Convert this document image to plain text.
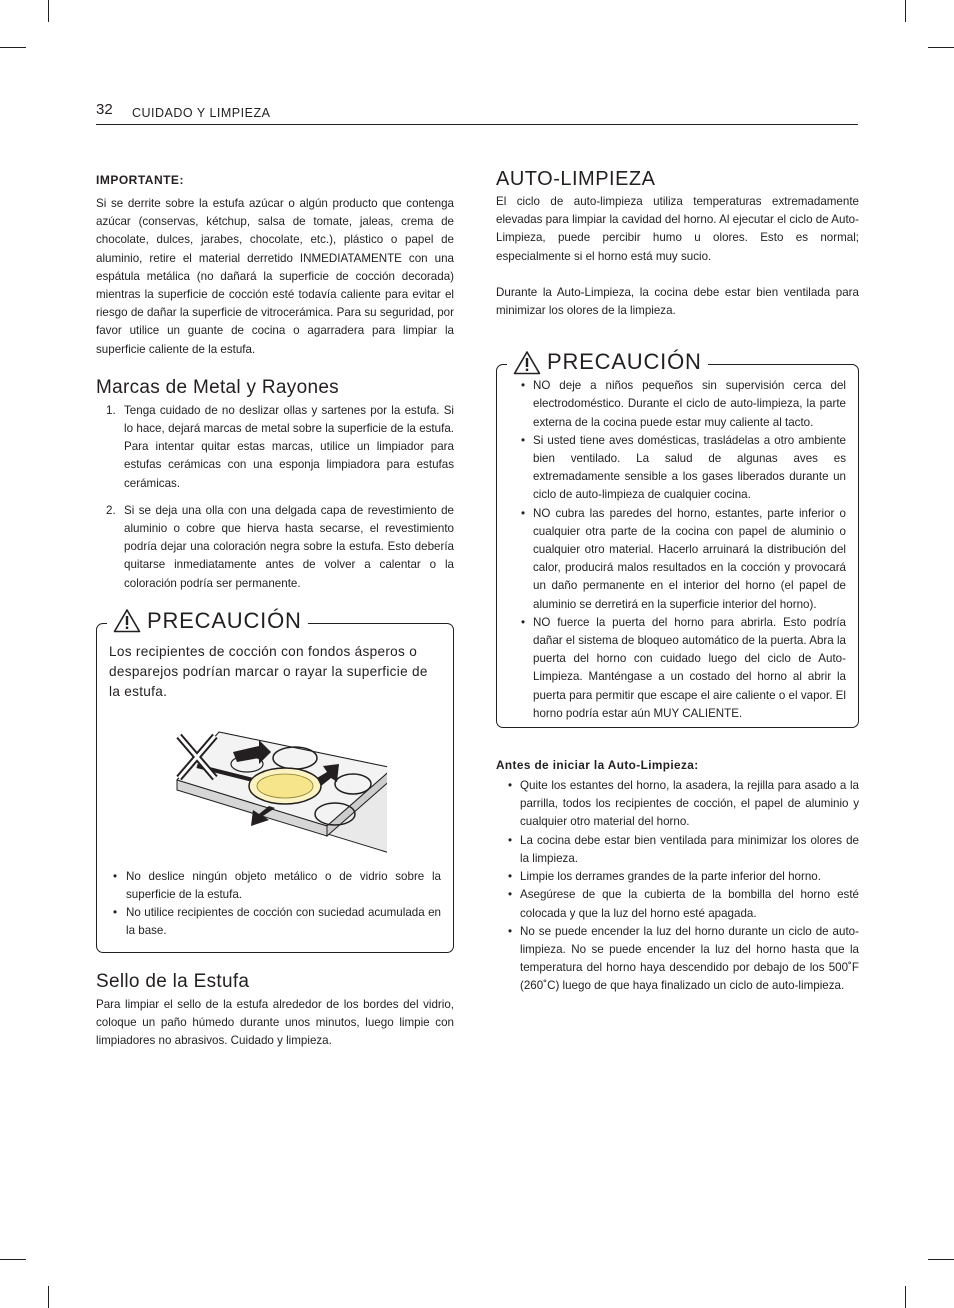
32 CUIDADO Y LIMPIEZA
IMPORTANTE:

Si se derrite sobre la estufa azúcar o algún producto que contenga azúcar (conservas, kétchup, salsa de tomate, jaleas, crema de chocolate, dulces, jarabes, chocolate, etc.), plástico o papel de aluminio, retire el material derretido INMEDIATAMENTE con una espátula metálica (no dañará la superficie de cocción decorada) mientras la superficie de cocción esté todavía caliente para evitar el riesgo de dañar la superficie de vitrocerámica. Para su seguridad, por favor utilice un guante de cocina o agarradera para limpiar la superficie caliente de la estufa.

Marcas de Metal y Rayones
1. Tenga cuidado de no deslizar ollas y sartenes por la estufa. Si lo hace, dejará marcas de metal sobre la superficie de la estufa. Para intentar quitar estas marcas, utilice un limpiador para estufas cerámicas con una esponja limpiadora para estufas cerámicas.
2. Si se deja una olla con una delgada capa de revestimiento de aluminio o cobre que hierva hasta secarse, el revestimiento podría dejar una coloración negra sobre la estufa. Esto debería quitarse inmediatamente antes de volver a calentar o la coloración podría ser permanente.
PRECAUCIÓN

Los recipientes de cocción con fondos ásperos o desparejos podrían marcar o rayar la superficie de la estufa.

• No deslice ningún objeto metálico o de vidrio sobre la superficie de la estufa.
• No utilice recipientes de cocción con suciedad acumulada en la base.
Sello de la Estufa

Para limpiar el sello de la estufa alrededor de los bordes del vidrio, coloque un paño húmedo durante unos minutos, luego limpie con limpiadores no abrasivos. Cuidado y limpieza.

AUTO-LIMPIEZA

El ciclo de auto-limpieza utiliza temperaturas extremadamente elevadas para limpiar la cavidad del horno. Al ejecutar el ciclo de Auto-Limpieza, puede percibir humo u olores. Esto es normal; especialmente si el horno está muy sucio.

Durante la Auto-Limpieza, la cocina debe estar bien ventilada para minimizar los olores de la limpieza.

PRECAUCIÓN
• NO deje a niños pequeños sin supervisión cerca del electrodoméstico. Durante el ciclo de auto-limpieza, la parte externa de la cocina puede estar muy caliente al tacto.
• Si usted tiene aves domésticas, trasládelas a otro ambiente bien ventilado. La salud de algunas aves es extremadamente sensible a los gases liberados durante un ciclo de auto-limpieza de cualquier cocina.
• NO cubra las paredes del horno, estantes, parte inferior o cualquier otra parte de la cocina con papel de aluminio o cualquier otro material. Hacerlo arruinará la distribución del calor, producirá malos resultados en la cocción y provocará un daño permanente en el interior del horno (el papel de aluminio se derretirá en la superficie interior del horno).
• NO fuerce la puerta del horno para abrirla. Esto podría dañar el sistema de bloqueo automático de la puerta. Abra la puerta del horno con cuidado luego del ciclo de Auto-Limpieza. Manténgase a un costado del horno al abrir la puerta para permitir que escape el aire caliente o el vapor. El horno podría estar aún MUY CALIENTE.
Antes de iniciar la Auto-Limpieza:
• Quite los estantes del horno, la asadera, la rejilla para asado a la parrilla, todos los recipientes de cocción, el papel de aluminio y cualquier otro material del horno.
• La cocina debe estar bien ventilada para minimizar los olores de la limpieza.
• Limpie los derrames grandes de la parte inferior del horno.
• Asegúrese de que la cubierta de la bombilla del horno esté colocada y que la luz del horno esté apagada.
• No se puede encender la luz del horno durante un ciclo de auto-limpieza. No se puede encender la luz del horno hasta que la temperatura del horno haya descendido por debajo de los 500˚F (260˚C) luego de que haya finalizado un ciclo de auto-limpieza.
